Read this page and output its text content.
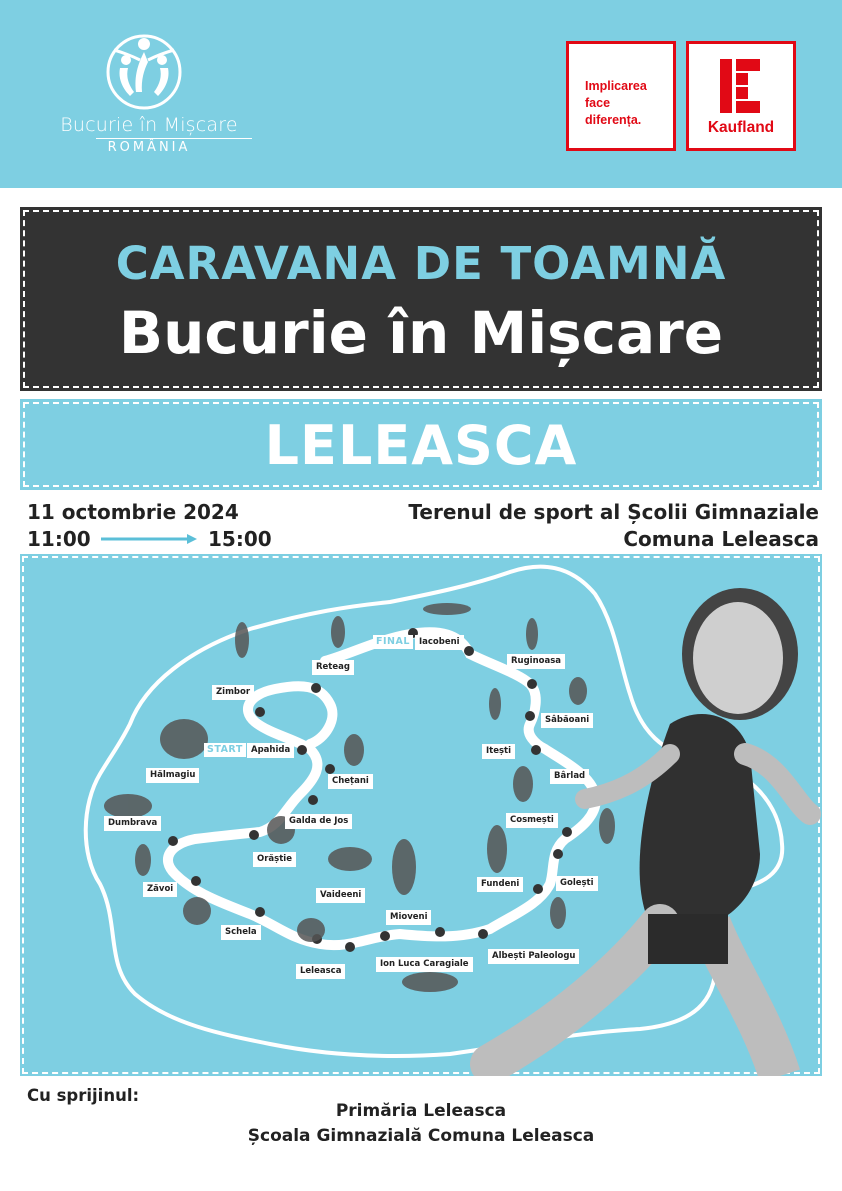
Bucurie în Mișcare
ROMÂNIA
Implicarea
face
diferența.	Kaufland
CARAVANA DE TOAMNĂ
Bucurie în Mișcare
LELEASCA
11 octombrie 2024
11:00	15:00
Terenul de sport al Școlii Gimnaziale
Comuna Leleasca
START
FINAL
Apahida
Reteag
Zimbor
Hălmagiu
Dumbrava	Galda de Jos
Chețani
Orăștie
Zăvoi
Schela
Leleasca
Vaideeni
Mioveni
Ion Luca Caragiale
Albești Paleologu
Fundeni	Golești
Cosmești
Bârlad
Itești
Sâbăoani
Ruginoasa
Iacobeni
Cu sprijinul:
Primăria Leleasca
Școala Gimnazială Comuna Leleasca
